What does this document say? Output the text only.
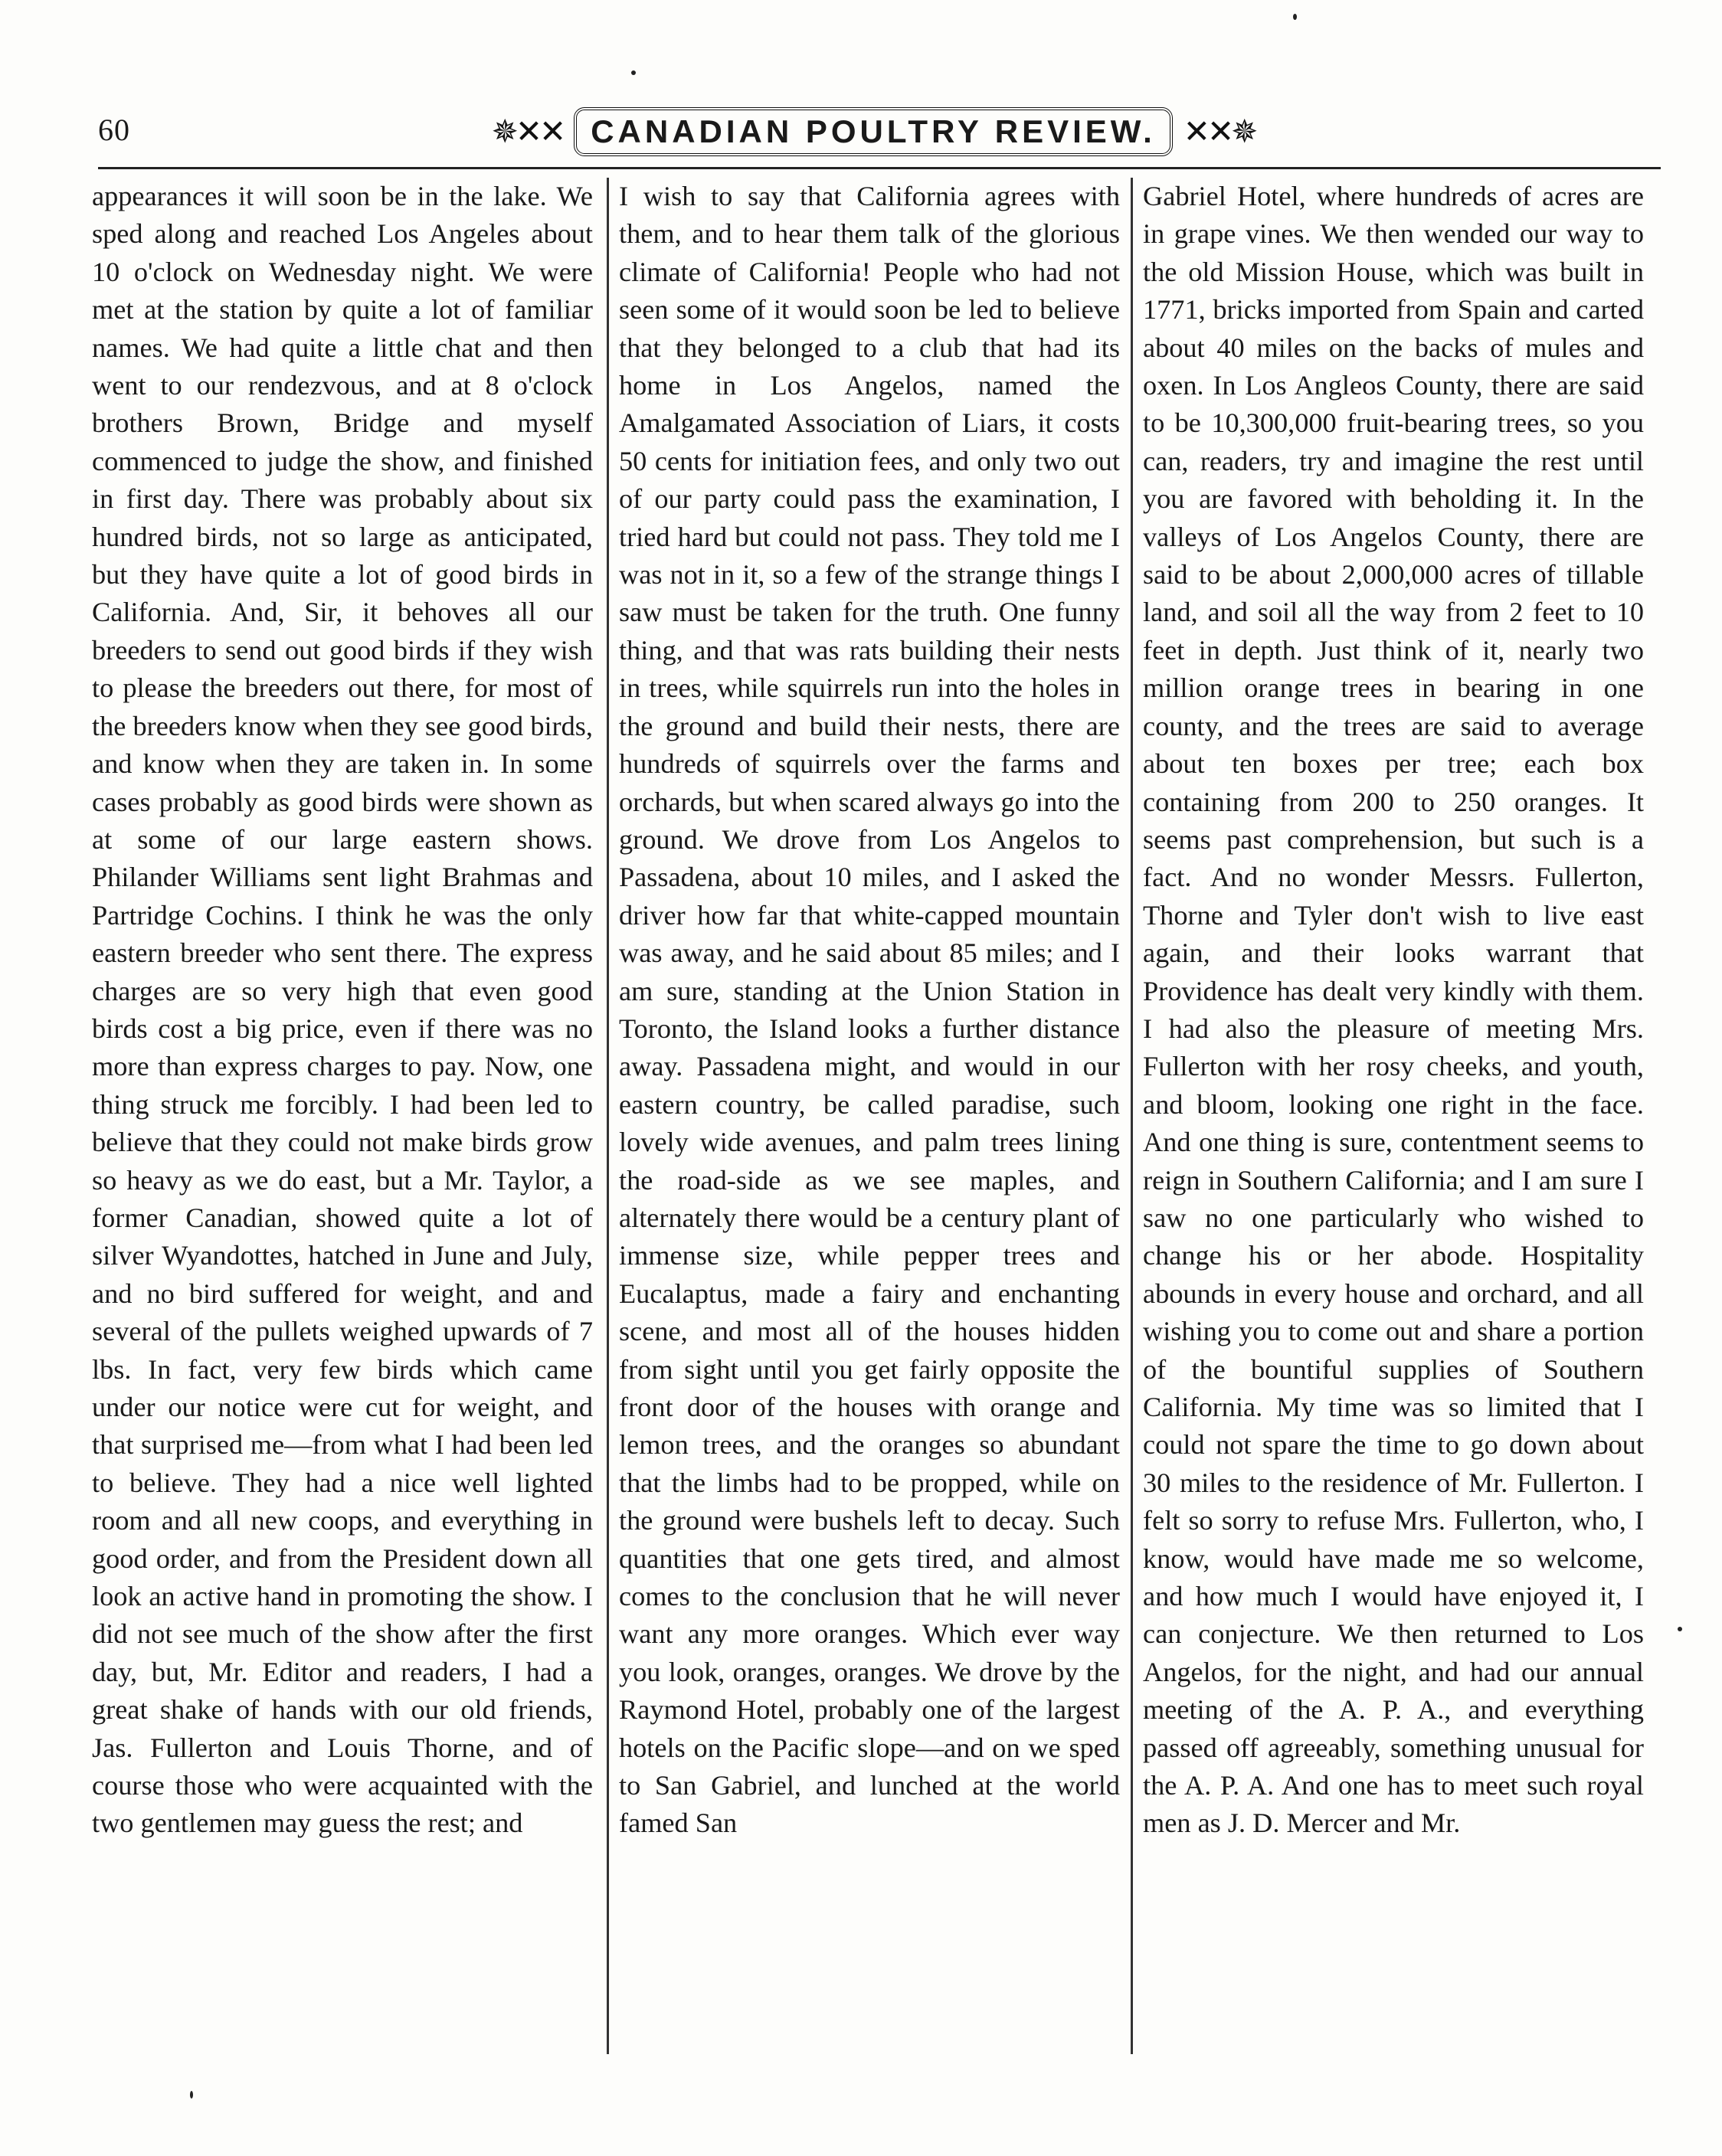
60	✵✕✕ CANADIAN POULTRY REVIEW. ✕✕✵
appearances it will soon be in the lake. We sped along and reached Los Angeles about 10 o'clock on Wednesday night. We were met at the station by quite a lot of familiar names. We had quite a little chat and then went to our rendezvous, and at 8 o'clock brothers Brown, Bridge and myself commenced to judge the show, and finished in first day. There was probably about six hundred birds, not so large as anticipated, but they have quite a lot of good birds in California. And, Sir, it behoves all our breeders to send out good birds if they wish to please the breeders out there, for most of the breeders know when they see good birds, and know when they are taken in. In some cases probably as good birds were shown as at some of our large eastern shows. Philander Williams sent light Brahmas and Partridge Cochins. I think he was the only eastern breeder who sent there. The express charges are so very high that even good birds cost a big price, even if there was no more than express charges to pay. Now, one thing struck me forcibly. I had been led to believe that they could not make birds grow so heavy as we do east, but a Mr. Taylor, a former Canadian, showed quite a lot of silver Wyandottes, hatched in June and July, and no bird suffered for weight, and and several of the pullets weighed upwards of 7 lbs. In fact, very few birds which came under our notice were cut for weight, and that surprised me—from what I had been led to believe. They had a nice well lighted room and all new coops, and everything in good order, and from the President down all look an active hand in promoting the show. I did not see much of the show after the first day, but, Mr. Editor and readers, I had a great shake of hands with our old friends, Jas. Fullerton and Louis Thorne, and of course those who were acquainted with the two gentlemen may guess the rest; and
I wish to say that California agrees with them, and to hear them talk of the glorious climate of California! People who had not seen some of it would soon be led to believe that they belonged to a club that had its home in Los Angelos, named the Amalgamated Association of Liars, it costs 50 cents for initiation fees, and only two out of our party could pass the examination, I tried hard but could not pass. They told me I was not in it, so a few of the strange things I saw must be taken for the truth. One funny thing, and that was rats building their nests in trees, while squirrels run into the holes in the ground and build their nests, there are hundreds of squirrels over the farms and orchards, but when scared always go into the ground. We drove from Los Angelos to Passadena, about 10 miles, and I asked the driver how far that white-capped mountain was away, and he said about 85 miles; and I am sure, standing at the Union Station in Toronto, the Island looks a further distance away. Passadena might, and would in our eastern country, be called paradise, such lovely wide avenues, and palm trees lining the road-side as we see maples, and alternately there would be a century plant of immense size, while pepper trees and Eucalaptus, made a fairy and enchanting scene, and most all of the houses hidden from sight until you get fairly opposite the front door of the houses with orange and lemon trees, and the oranges so abundant that the limbs had to be propped, while on the ground were bushels left to decay. Such quantities that one gets tired, and almost comes to the conclusion that he will never want any more oranges. Which ever way you look, oranges, oranges. We drove by the Raymond Hotel, probably one of the largest hotels on the Pacific slope—and on we sped to San Gabriel, and lunched at the world famed San
Gabriel Hotel, where hundreds of acres are in grape vines. We then wended our way to the old Mission House, which was built in 1771, bricks imported from Spain and carted about 40 miles on the backs of mules and oxen. In Los Angleos County, there are said to be 10,300,000 fruit-bearing trees, so you can, readers, try and imagine the rest until you are favored with beholding it. In the valleys of Los Angelos County, there are said to be about 2,000,000 acres of tillable land, and soil all the way from 2 feet to 10 feet in depth. Just think of it, nearly two million orange trees in bearing in one county, and the trees are said to average about ten boxes per tree; each box containing from 200 to 250 oranges. It seems past comprehension, but such is a fact. And no wonder Messrs. Fullerton, Thorne and Tyler don't wish to live east again, and their looks warrant that Providence has dealt very kindly with them. I had also the pleasure of meeting Mrs. Fullerton with her rosy cheeks, and youth, and bloom, looking one right in the face. And one thing is sure, contentment seems to reign in Southern California; and I am sure I saw no one particularly who wished to change his or her abode. Hospitality abounds in every house and orchard, and all wishing you to come out and share a portion of the bountiful supplies of Southern California. My time was so limited that I could not spare the time to go down about 30 miles to the residence of Mr. Fullerton. I felt so sorry to refuse Mrs. Fullerton, who, I know, would have made me so welcome, and how much I would have enjoyed it, I can conjecture. We then returned to Los Angelos, for the night, and had our annual meeting of the A. P. A., and everything passed off agreeably, something unusual for the A. P. A. And one has to meet such royal men as J. D. Mercer and Mr.
